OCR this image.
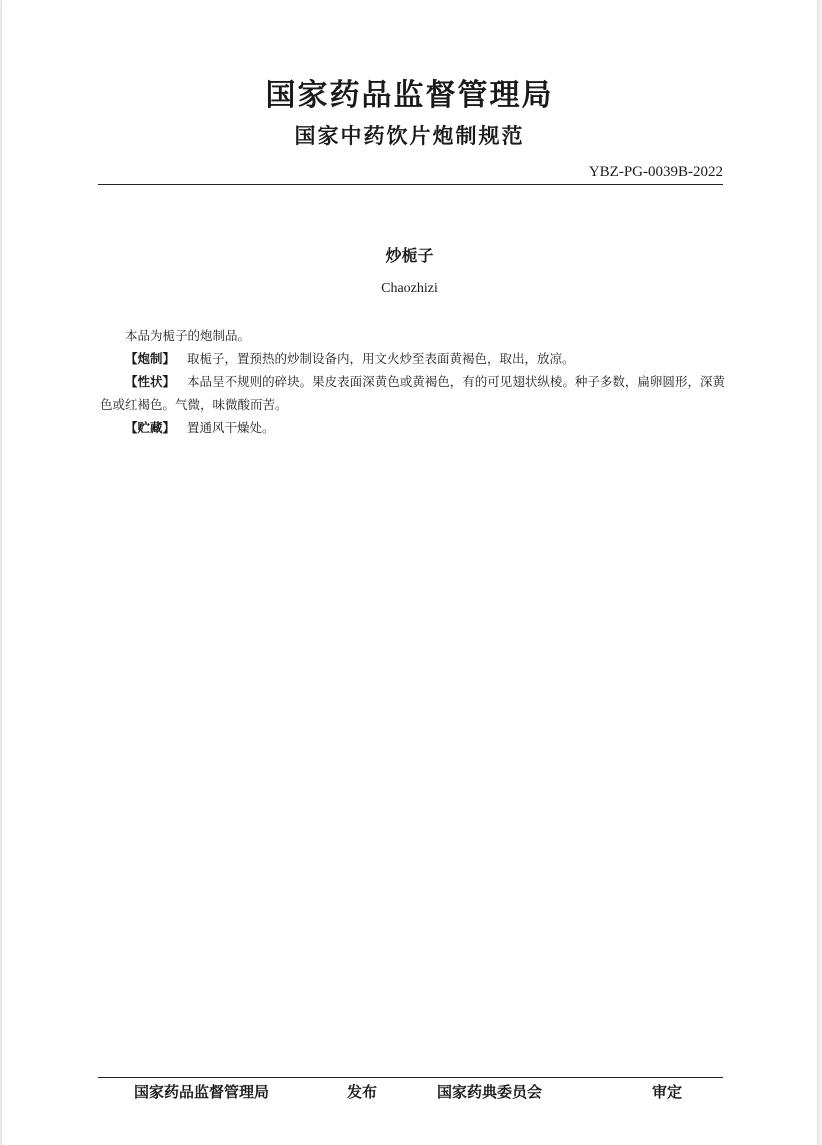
国家药品监督管理局
国家中药饮片炮制规范
YBZ-PG-0039B-2022
炒栀子
Chaozhizi

本品为栀子的炮制品。

【炮制】 取栀子，置预热的炒制设备内，用文火炒至表面黄褐色，取出，放凉。

【性状】 本品呈不规则的碎块。果皮表面深黄色或黄褐色，有的可见翅状纵棱。种子多数，扁卵圆形，深黄色或红褐色。气微，味微酸而苦。

【贮藏】 置通风干燥处。

国家药品监督管理局	发布	国家药典委员会	审定
